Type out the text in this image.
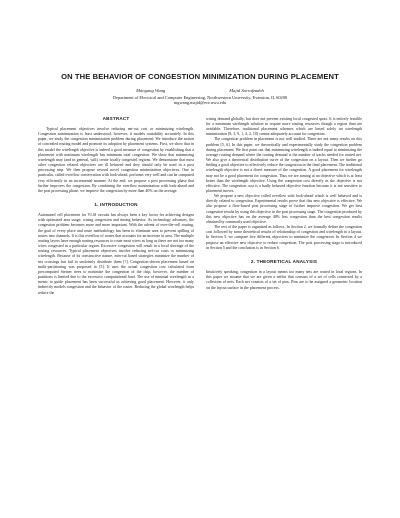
ON THE BEHAVIOR OF CONGESTION MINIMIZATION DURING PLACEMENT
Maogang Wang	Majid Sarrafzadeh
Department of Electrical and Computer Engineering, Northwestern University, Evanston, IL 60208
mgwang,majid@ece.nwu.edu
ABSTRACT

Typical placement objectives involve reducing net-cut cost or minimizing wirelength. Congestion minimization is least understood, however, it models routability accurately. In this paper, we study the congestion minimization problem during placement. We introduce the notion of concealed routing model and promote its adoption by placement systems. First, we show that in this model the wirelength objective is indeed a good measure of congestion by establishing that a placement with minimum wirelength has minimum total congestion. We show that minimizing wirelength may (and in general, will) create locally congested regions. We demonstrate that most other congestion related objectives are ill behaved and they should only be used in a post processing step. We then propose several novel congestion minimization objectives. One in particular, called overflow conservation with look-ahead, performs very well and can be computed very efficiently in an incremental manner. At the end, we propose a post processing phase that further improves the congestion. By combining the overflow minimization with look-ahead and the post processing phase, we improve the congestion by more than 40% on the average.

1. INTRODUCTION

Automated cell placement for VLSI circuits has always been a key factor for achieving designs with optimized area usage, wiring congestion and timing behavior. As technology advances, the congestion problem becomes more and more important. With the advent of over-the-cell routing, the goal of every place and route methodology has been to eliminate area to prevent spilling of routes into channels. It is this overflow of routes that accounts for an increase in area. The multiple routing layers have enough routing resources to route most wires as long as there are not too many wires congested in a particular region. Excessive congestion will result in a local shortage of the routing resources. Typical placement objectives involve reducing net-cut costs or minimizing wirelength. Because of its constructive nature, min-cut based strategies minimize the number of net crossings but fail to uniformly distribute them [?]. Congestion-driven placement based on multi-partitioning was proposed in [5]. It uses the actual congestion cost calculated from precomputed Steiner trees to minimize the congestion of the chip, however, the number of partitions is limited due to the excessive computational load. The use of minimal wirelength as a metric to guide placement has been successful in achieving good placement. However, it only indirectly models congestion and the behavior of the router. Reducing the global wirelength helps reduce the

wiring demand globally, but does not prevent existing local congested spots. It is entirely feasible for a minimum wirelength solution to require more routing resources though a region than are available. Therefore, traditional placement schemes which are based solely on wirelength minimization [8, 3, 9, 1, 4, 2, 10] cannot adequately account for congestion.

The congestion problem in placement is not well studied. There are not many results on this problem [5, 6]. In this paper, we theoretically and experimentally study the congestion problem during placement. We first point out that minimizing wirelength is indeed equal to minimizing the average routing demand where the routing demand is the number of tracks needed for routed net. We also give a theoretical distribution curve of the congestion on a layout. Then we further go finding a good objective to effectively reduce the congestion in the final placement. The traditional wirelength objective is not a direct measure of the congestion. A good placement for wirelength may not be a good placement for congestion. Thus we are aiming at an objective which is at least better than the wirelength objective. Using the congestion cost directly as the objective is not effective. The congestion cost is a badly behaved objective function because it is not sensitive to placement moves.

We propose a new objective called overflow with look-ahead which is well behaved and is directly related to congestion. Experimental results prove that this new objective is effective. We also propose a flow-based post processing stage to further improve congestion. We get best congestion results by using this objective in the post processing stage. The congestion produced by this new objective has on the average 40% less congestion than the best congestion results obtained by commonly used objective.

The rest of the paper is organized as follows. In Section 2, we formally define the congestion cost followed by some theoretical results of relationship of congestion and wirelength in a layout. In Section 3, we compare five different objectives to minimize the congestion. In Section 4 we propose an effective new objective to reduce congestion. The post processing stage is introduced in Section 5 and the conclusion is in Section 6.

2. THEORETICAL ANALYSIS

Intuitively speaking, congestion in a layout means too many nets are routed in local regions. In this paper we assume that we are given a netlist that consists of a set of cells connected by a collection of nets. Each net consists of a set of pins. Pins are to be assigned a geometric location on the layout surface in the placement process.
